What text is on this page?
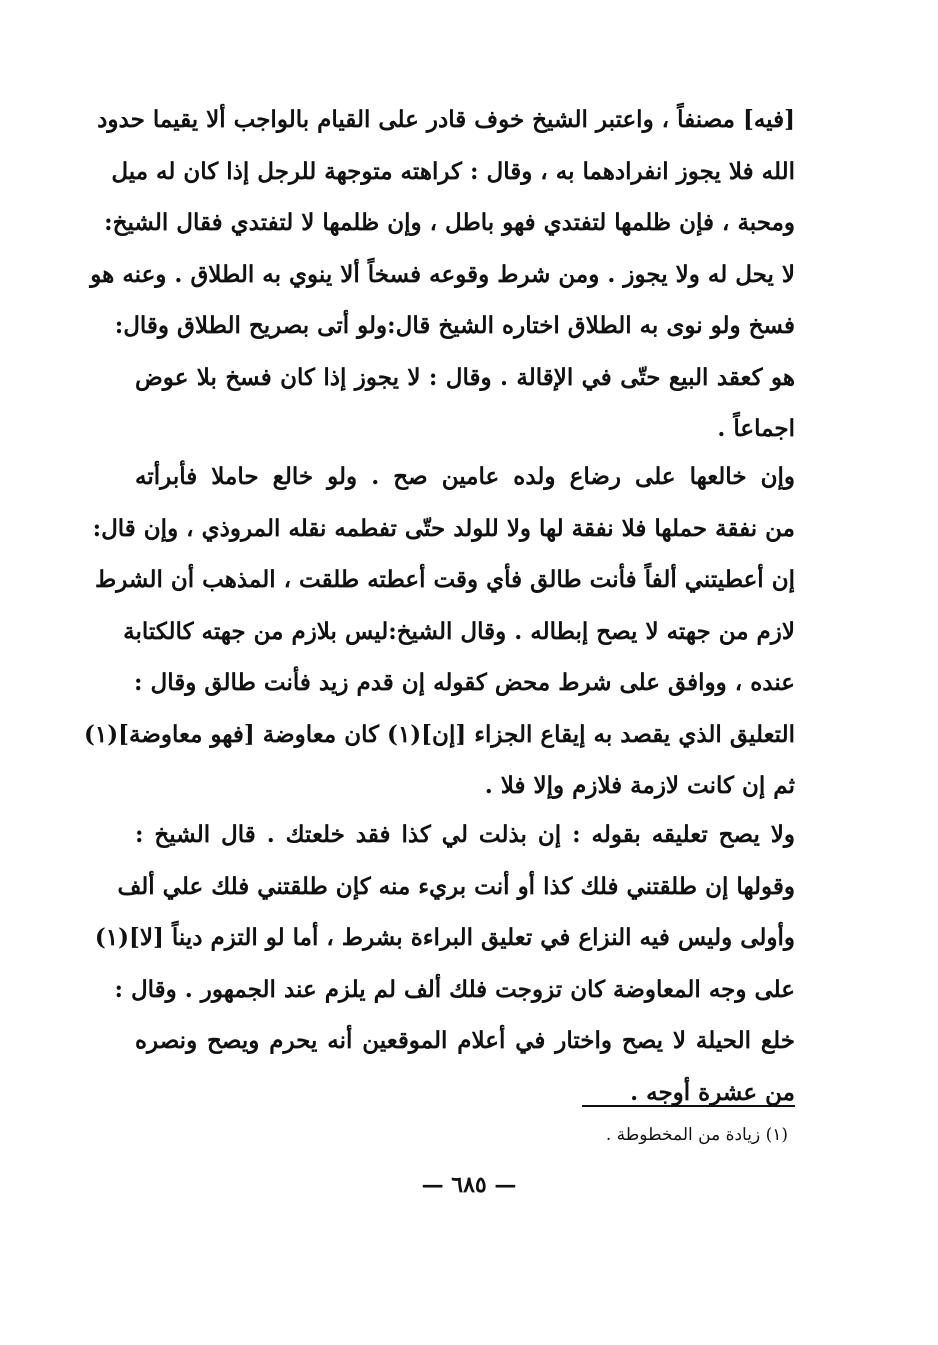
[فيه] مصنفاً ، واعتبر الشيخ خوف قادر على القيام بالواجب ألا يقيما حدود
الله فلا يجوز انفرادهما به ، وقال : كراهته متوجهة للرجل إذا كان له ميل
ومحبة ، فإن ظلمها لتفتدي فهو باطل ، وإن ظلمها لا لتفتدي فقال الشيخ:
لا يحل له ولا يجوز . ومن شرط وقوعه فسخاً ألا ينوي به الطلاق . وعنه هو
فسخ ولو نوى به الطلاق اختاره الشيخ قال:ولو أتى بصريح الطلاق وقال:
هو كعقد البيع حتّى في الإقالة . وقال : لا يجوز إذا كان فسخ بلا عوض
اجماعاً .
وإن خالعها على رضاع ولده عامين صح . ولو خالع حاملا فأبرأته
من نفقة حملها فلا نفقة لها ولا للولد حتّى تفطمه نقله المروذي ، وإن قال:
إن أعطيتني ألفاً فأنت طالق فأي وقت أعطته طلقت ، المذهب أن الشرط
لازم من جهته لا يصح إبطاله . وقال الشيخ:ليس بلازم من جهته كالكتابة
عنده ، ووافق على شرط محض كقوله إن قدم زيد فأنت طالق وقال :
التعليق الذي يقصد به إيقاع الجزاء [إن](١) كان معاوضة [فهو معاوضة](١)
ثم إن كانت لازمة فلازم وإلا فلا .
ولا يصح تعليقه بقوله : إن بذلت لي كذا فقد خلعتك . قال الشيخ :
وقولها إن طلقتني فلك كذا أو أنت بريء منه كإن طلقتني فلك علي ألف
وأولى وليس فيه النزاع في تعليق البراءة بشرط ، أما لو التزم ديناً [لا](١)
على وجه المعاوضة كان تزوجت فلك ألف لم يلزم عند الجمهور . وقال :
خلع الحيلة لا يصح واختار في أعلام الموقعين أنه يحرم ويصح ونصره
من عشرة أوجه .
(١) زيادة من المخطوطة .
— ٦٨٥ —
